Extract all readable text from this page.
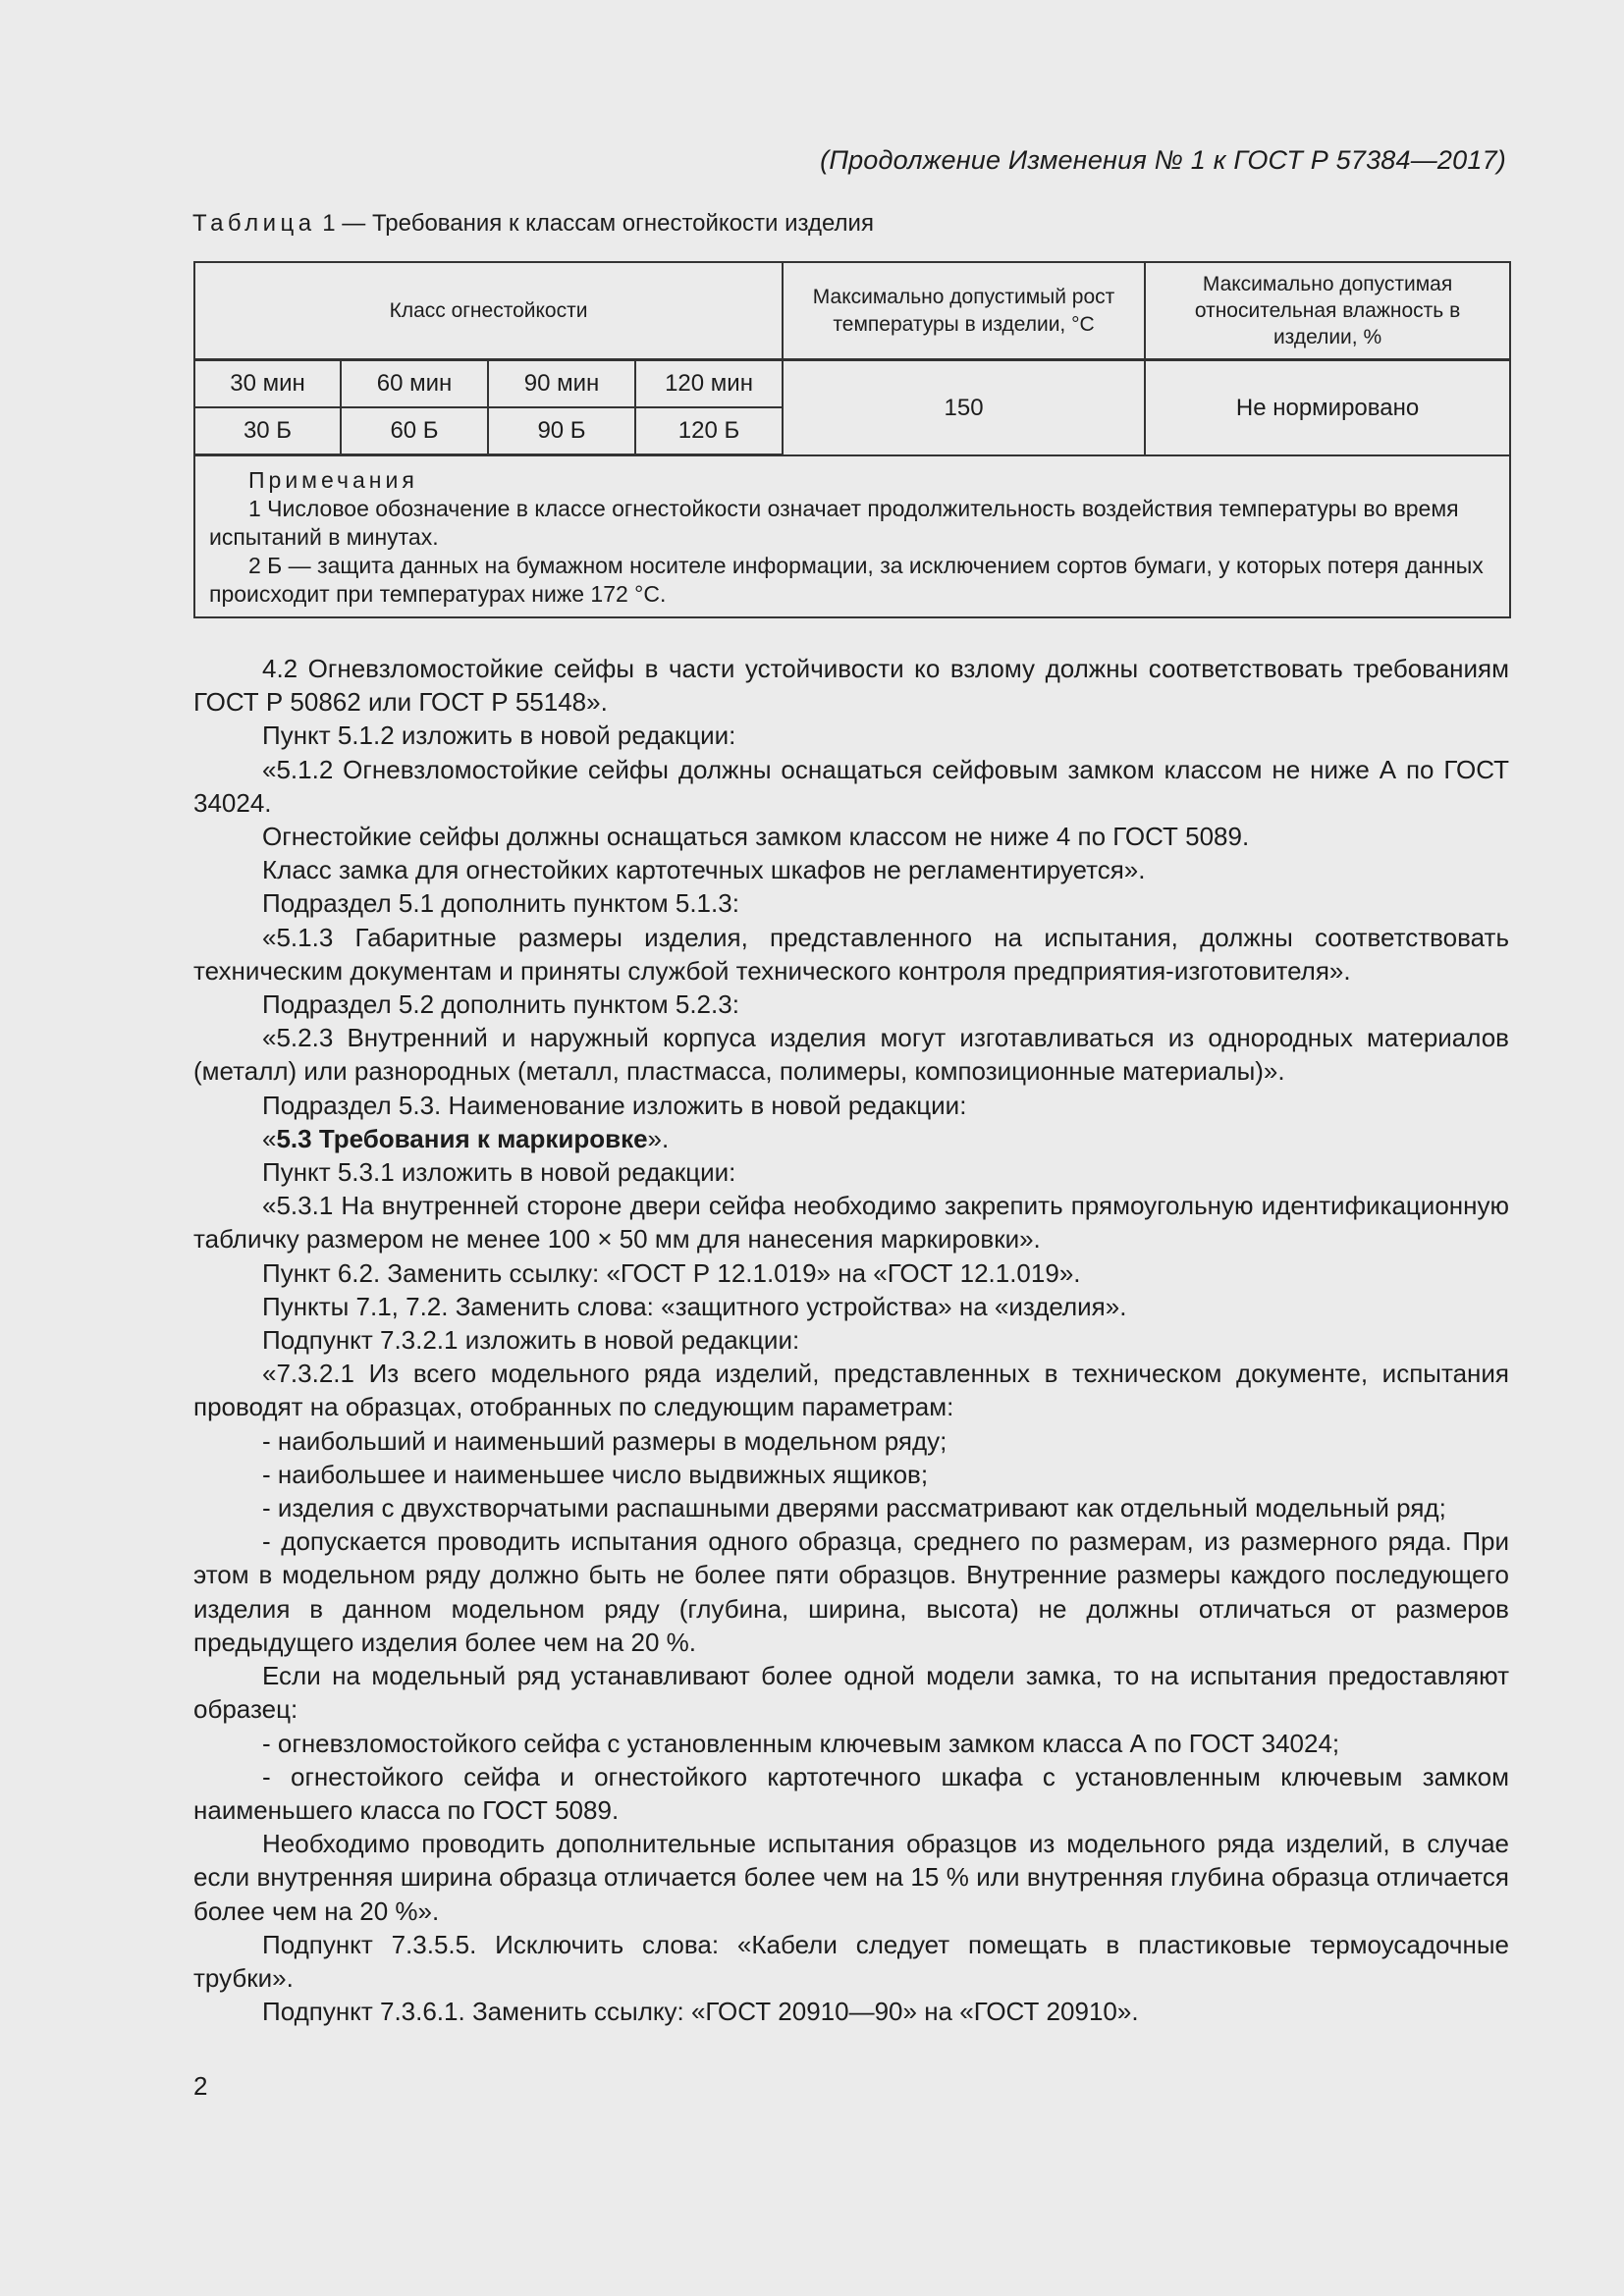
(Продолжение Изменения № 1 к ГОСТ Р 57384—2017)
Таблица 1 — Требования к классам огнестойкости изделия
Класс огнестойкости				Максимально допустимый рост температуры в изделии, °С	Максимально допустимая относительная влажность в изделии, %
30 мин	60 мин	90 мин	120 мин	150	Не нормировано
30 Б	60 Б	90 Б	120 Б		

Примечания
1 Числовое обозначение в классе огнестойкости означает продолжительность воздействия температуры во время испытаний в минутах.
2 Б — защита данных на бумажном носителе информации, за исключением сортов бумаги, у которых потеря данных происходит при температурах ниже 172 °С.					

4.2 Огневзломостойкие сейфы в части устойчивости ко взлому должны соответствовать требованиям ГОСТ Р 50862 или ГОСТ Р 55148».

Пункт 5.1.2 изложить в новой редакции:

«5.1.2 Огневзломостойкие сейфы должны оснащаться сейфовым замком классом не ниже А по ГОСТ 34024.

Огнестойкие сейфы должны оснащаться замком классом не ниже 4 по ГОСТ 5089.

Класс замка для огнестойких картотечных шкафов не регламентируется».

Подраздел 5.1 дополнить пунктом 5.1.3:

«5.1.3 Габаритные размеры изделия, представленного на испытания, должны соответствовать техническим документам и приняты службой технического контроля предприятия-изготовителя».

Подраздел 5.2 дополнить пунктом 5.2.3:

«5.2.3 Внутренний и наружный корпуса изделия могут изготавливаться из однородных материалов (металл) или разнородных (металл, пластмасса, полимеры, композиционные материалы)».

Подраздел 5.3. Наименование изложить в новой редакции:

«5.3 Требования к маркировке».

Пункт 5.3.1 изложить в новой редакции:

«5.3.1 На внутренней стороне двери сейфа необходимо закрепить прямоугольную идентификационную табличку размером не менее 100 × 50 мм для нанесения маркировки».

Пункт 6.2. Заменить ссылку: «ГОСТ Р 12.1.019» на «ГОСТ 12.1.019».

Пункты 7.1, 7.2. Заменить слова: «защитного устройства» на «изделия».

Подпункт 7.3.2.1 изложить в новой редакции:

«7.3.2.1 Из всего модельного ряда изделий, представленных в техническом документе, испытания проводят на образцах, отобранных по следующим параметрам:

- наибольший и наименьший размеры в модельном ряду;

- наибольшее и наименьшее число выдвижных ящиков;

- изделия с двухстворчатыми распашными дверями рассматривают как отдельный модельный ряд;

- допускается проводить испытания одного образца, среднего по размерам, из размерного ряда. При этом в модельном ряду должно быть не более пяти образцов. Внутренние размеры каждого последующего изделия в данном модельном ряду (глубина, ширина, высота) не должны отличаться от размеров предыдущего изделия более чем на 20 %.

Если на модельный ряд устанавливают более одной модели замка, то на испытания предоставляют образец:

- огневзломостойкого сейфа с установленным ключевым замком класса А по ГОСТ 34024;

- огнестойкого сейфа и огнестойкого картотечного шкафа с установленным ключевым замком наименьшего класса по ГОСТ 5089.

Необходимо проводить дополнительные испытания образцов из модельного ряда изделий, в случае если внутренняя ширина образца отличается более чем на 15 % или внутренняя глубина образца отличается более чем на 20 %».

Подпункт 7.3.5.5. Исключить слова: «Кабели следует помещать в пластиковые термоусадочные трубки».

Подпункт 7.3.6.1. Заменить ссылку: «ГОСТ 20910—90» на «ГОСТ 20910».

2
